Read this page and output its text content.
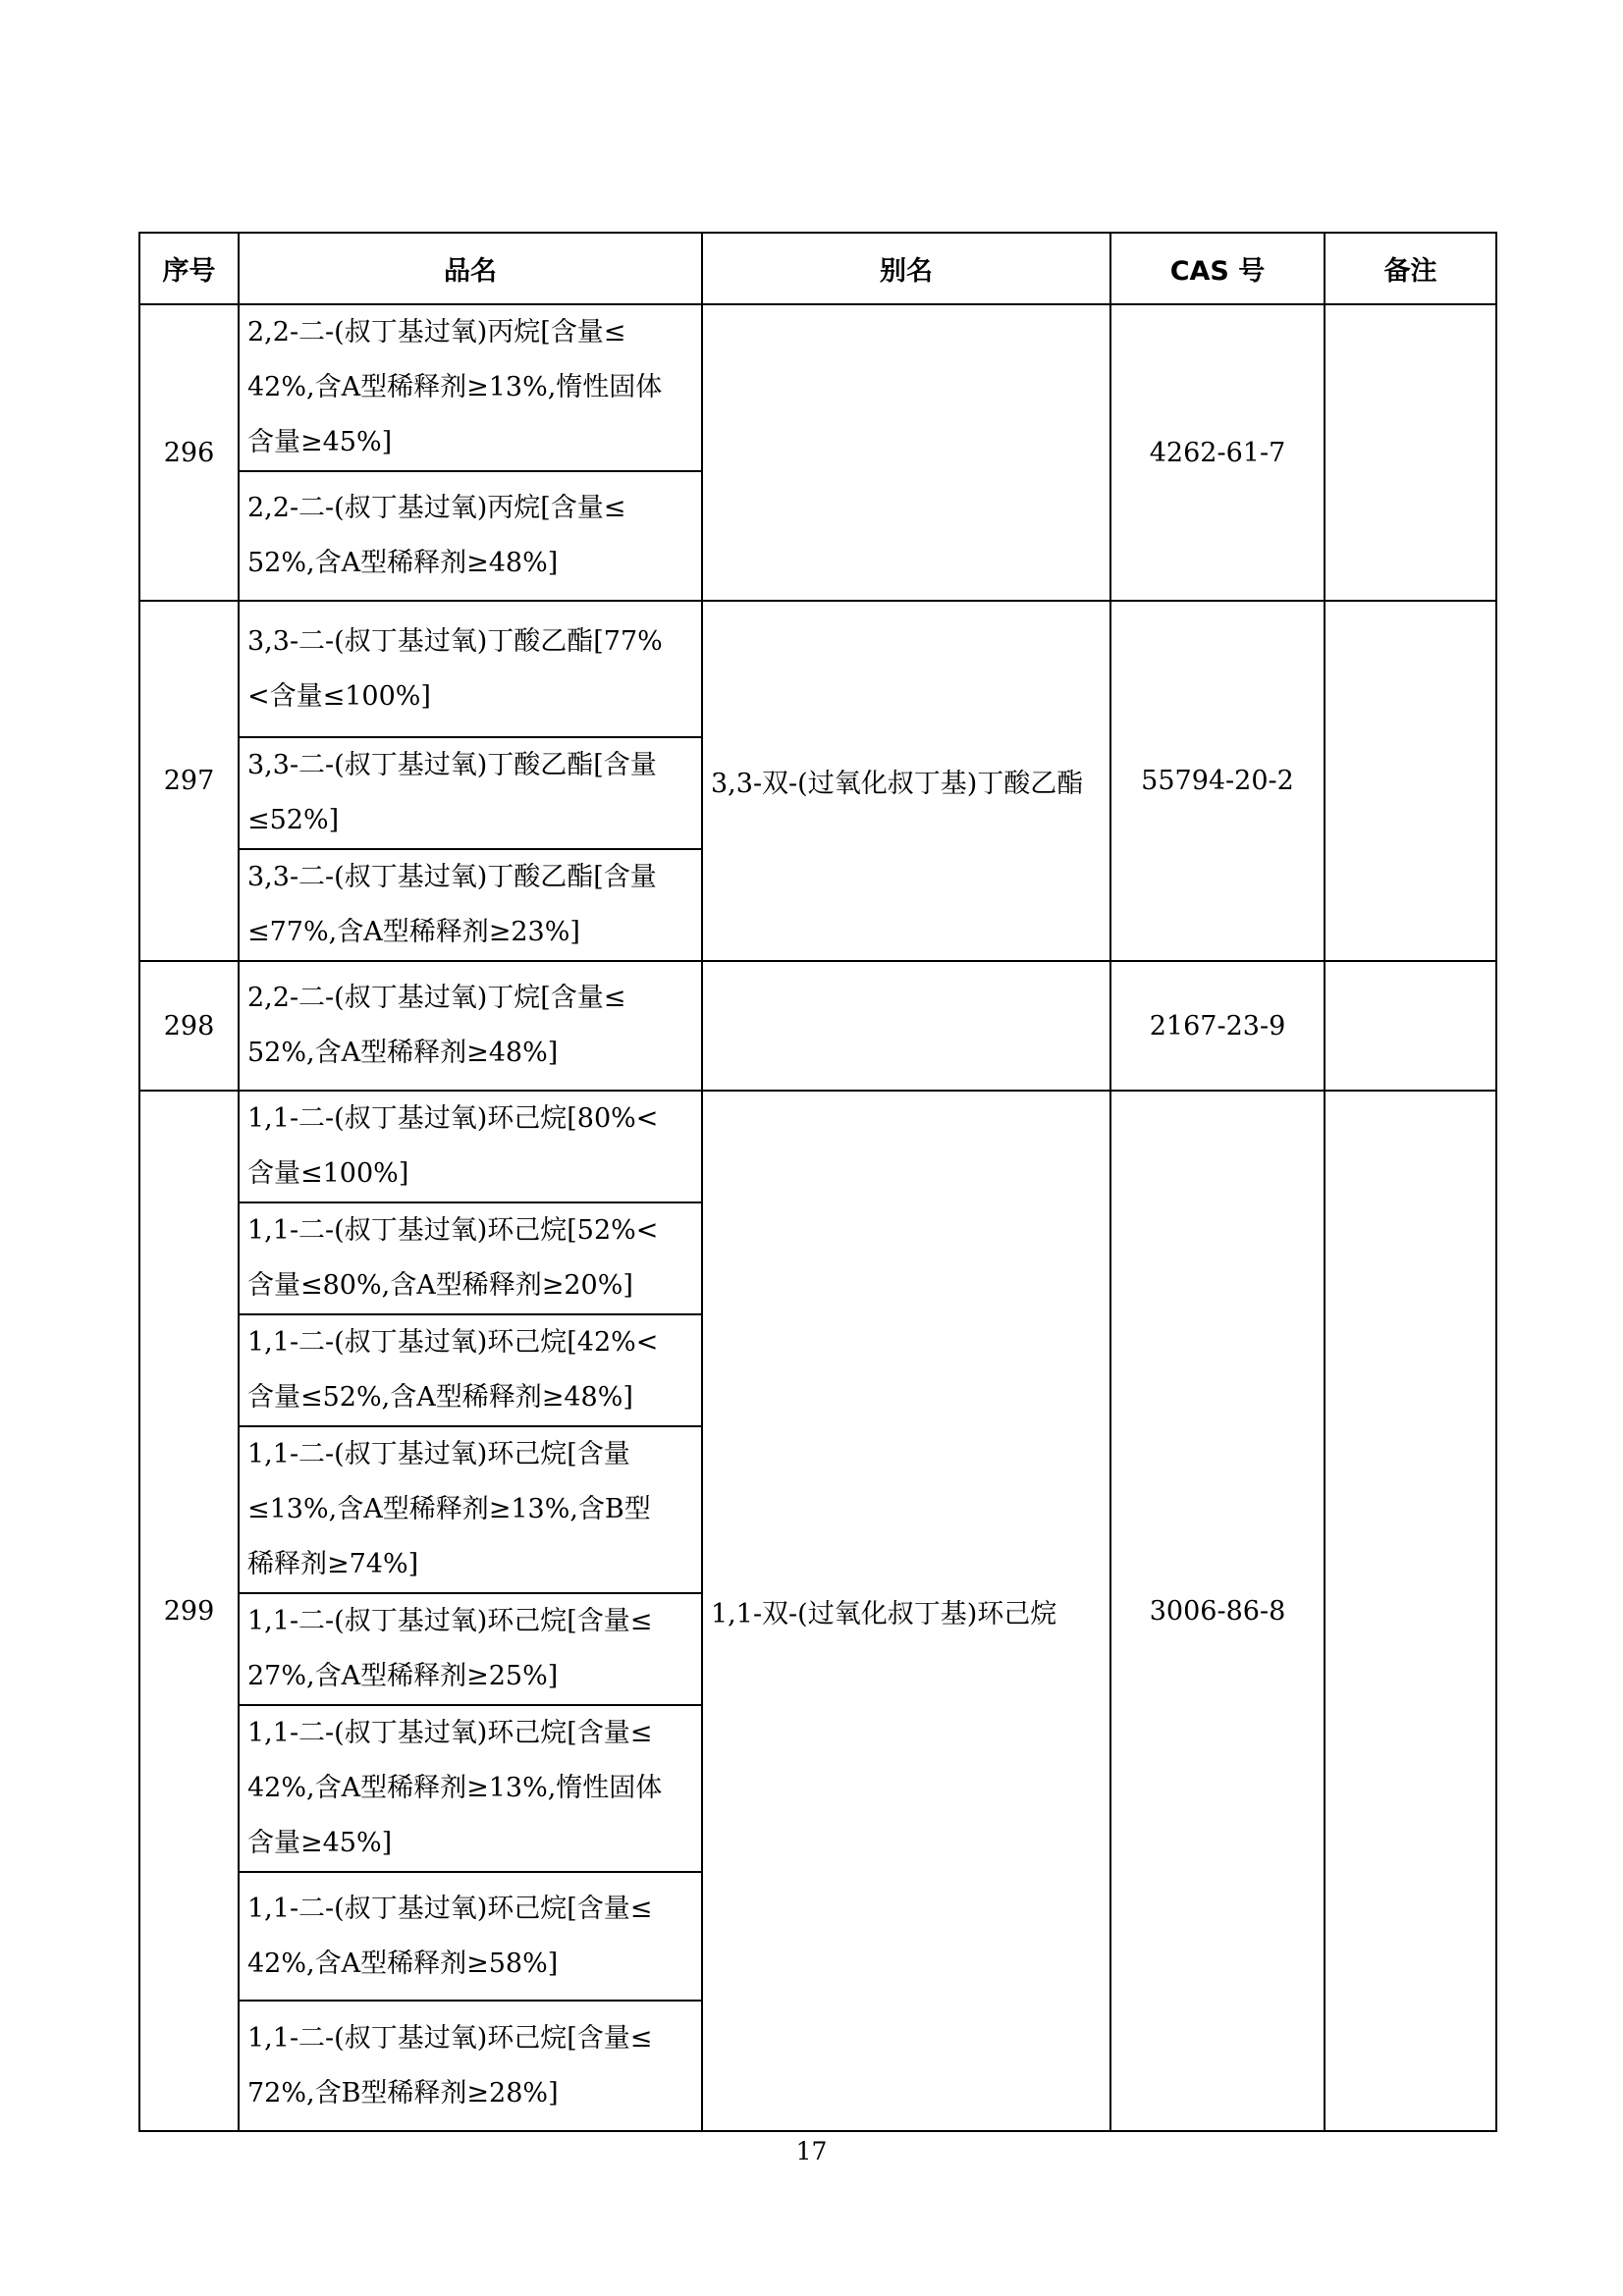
序号	品名	别名	CAS 号	备注
296	2,2-二-(叔丁基过氧)丙烷[含量≤
42%,含A型稀释剂≥13%,惰性固体
含量≥45%]		4262-61-7	

	2,2-二-(叔丁基过氧)丙烷[含量≤
52%,含A型稀释剂≥48%]			

297	3,3-二-(叔丁基过氧)丁酸乙酯[77%
<含量≤100%]	3,3-双-(过氧化叔丁基)丁酸乙酯	55794-20-2	

	3,3-二-(叔丁基过氧)丁酸乙酯[含量
≤52%]			

	3,3-二-(叔丁基过氧)丁酸乙酯[含量
≤77%,含A型稀释剂≥23%]			

298	2,2-二-(叔丁基过氧)丁烷[含量≤
52%,含A型稀释剂≥48%]		2167-23-9	
299	1,1-二-(叔丁基过氧)环己烷[80%<
含量≤100%]	1,1-双-(过氧化叔丁基)环己烷	3006-86-8	

	1,1-二-(叔丁基过氧)环己烷[52%<
含量≤80%,含A型稀释剂≥20%]			

	1,1-二-(叔丁基过氧)环己烷[42%<
含量≤52%,含A型稀释剂≥48%]			

	1,1-二-(叔丁基过氧)环己烷[含量
≤13%,含A型稀释剂≥13%,含B型
稀释剂≥74%]			

	1,1-二-(叔丁基过氧)环己烷[含量≤
27%,含A型稀释剂≥25%]			

	1,1-二-(叔丁基过氧)环己烷[含量≤
42%,含A型稀释剂≥13%,惰性固体
含量≥45%]			

	1,1-二-(叔丁基过氧)环己烷[含量≤
42%,含A型稀释剂≥58%]			

	1,1-二-(叔丁基过氧)环己烷[含量≤
72%,含B型稀释剂≥28%]			
17
